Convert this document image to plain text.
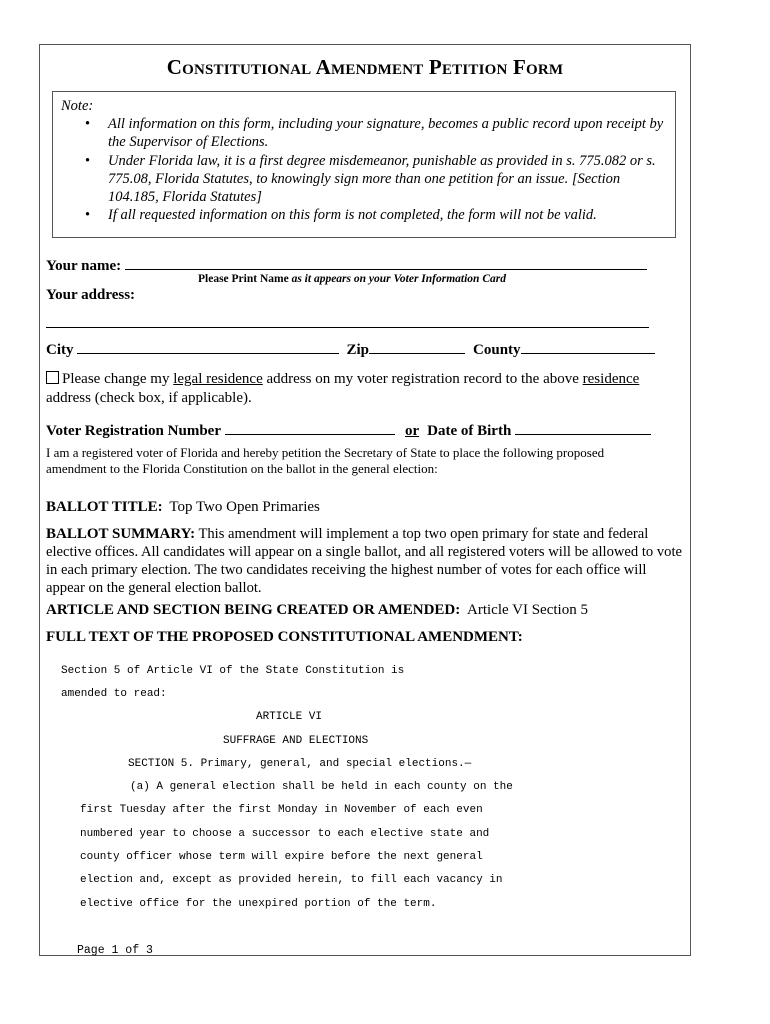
Constitutional Amendment Petition Form
Note:
• All information on this form, including your signature, becomes a public record upon receipt by the Supervisor of Elections.
• Under Florida law, it is a first degree misdemeanor, punishable as provided in s. 775.082 or s. 775.08, Florida Statutes, to knowingly sign more than one petition for an issue. [Section 104.185, Florida Statutes]
• If all requested information on this form is not completed, the form will not be valid.
Your name:
Please Print Name as it appears on your Voter Information Card
Your address:
City	Zip	County
Please change my legal residence address on my voter registration record to the above residence
address (check box, if applicable).
Voter Registration Number	or Date of Birth
I am a registered voter of Florida and hereby petition the Secretary of State to place the following proposed amendment to the Florida Constitution on the ballot in the general election:
BALLOT TITLE: Top Two Open Primaries
BALLOT SUMMARY: This amendment will implement a top two open primary for state and federal elective offices. All candidates will appear on a single ballot, and all registered voters will be allowed to vote in each primary election. The two candidates receiving the highest number of votes for each office will appear on the general election ballot.
ARTICLE AND SECTION BEING CREATED OR AMENDED: Article VI Section 5
FULL TEXT OF THE PROPOSED CONSTITUTIONAL AMENDMENT:
Section 5 of Article VI of the State Constitution is
amended to read:
ARTICLE VI
SUFFRAGE AND ELECTIONS
SECTION 5. Primary, general, and special elections.—
(a) A general election shall be held in each county on the
first Tuesday after the first Monday in November of each even
numbered year to choose a successor to each elective state and
county officer whose term will expire before the next general
election and, except as provided herein, to fill each vacancy in
elective office for the unexpired portion of the term.
Page 1 of 3
